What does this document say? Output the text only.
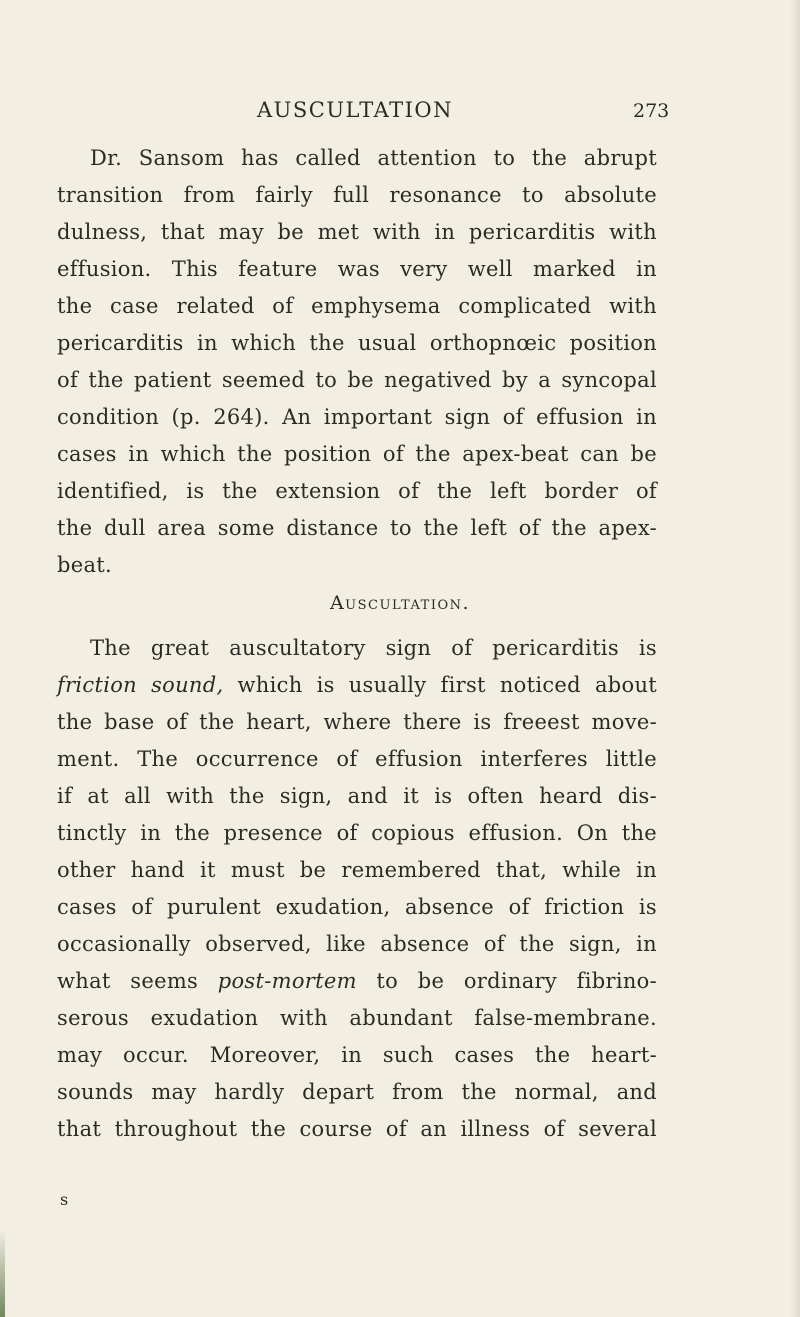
AUSCULTATION	273
Dr. Sansom has called attention to the abrupt
transition from fairly full resonance to absolute
dulness, that may be met with in pericarditis with
effusion. This feature was very well marked in
the case related of emphysema complicated with
pericarditis in which the usual orthopnœic position
of the patient seemed to be negatived by a syncopal
condition (p. 264). An important sign of effusion in
cases in which the position of the apex-beat can be
identified, is the extension of the left border of
the dull area some distance to the left of the apex-
beat.
Auscultation.
The great auscultatory sign of pericarditis is
friction sound, which is usually first noticed about
the base of the heart, where there is freeest move-
ment. The occurrence of effusion interferes little
if at all with the sign, and it is often heard dis-
tinctly in the presence of copious effusion. On the
other hand it must be remembered that, while in
cases of purulent exudation, absence of friction is
occasionally observed, like absence of the sign, in
what seems post-mortem to be ordinary fibrino-
serous exudation with abundant false-membrane.
may occur. Moreover, in such cases the heart-
sounds may hardly depart from the normal, and
that throughout the course of an illness of several
s
